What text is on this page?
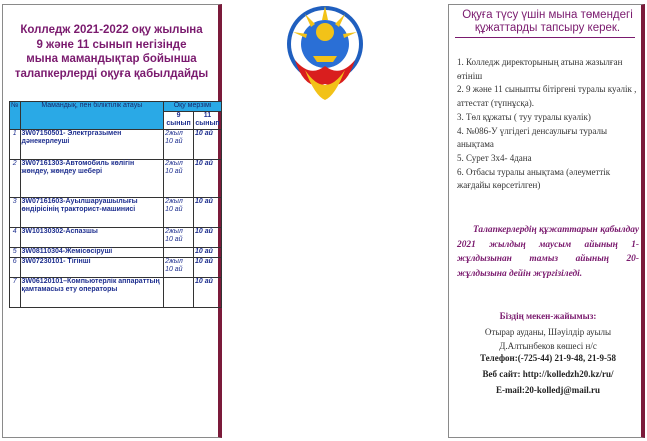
Колледж 2021-2022 оқу жылына
9 және 11 сынып негізінде
мына мамандықтар бойынша
талапкерлерді оқуға қабылдайды
№	Мамандық, пен біліктілік атауы	Оқу мерзімі	
		9 сынып	11 сынып
1	3W07150501- Электргазымен дәнекерлеуші	2жыл 10 ай	10 ай
2	3W07161303-Автомобиль көлігін жөндеу, жөндеу шебері	2жыл 10 ай	10 ай
3	3W07161603-Ауылшаруашылығы өндірісінің тракторист-машинисі	2жыл 10 ай	10 ай
4	3W10130302-Аспазшы	2жыл 10 ай	10 ай
5	3W08110304-Жемісөсіруші		10 ай
6	3W07230101- Тігінші	2жыл 10 ай	10 ай
7	3W06120101–Компьютерлік аппараттың қамтамасыз ету операторы		10 ай
Оқуға түсу үшін мына төмендегі құжаттарды тапсыру керек.
1. Колледж директорының атына жазылған өтініш
2. 9 және 11 сыныпты бітіргені туралы куәлік , аттестат (түпнұсқа).
3. Төл құжаты ( туу туралы куәлік)
4. №086-У үлгідегі денсаулығы туралы анықтама
5. Сурет 3х4- 4дана
6. Отбасы туралы анықтама (әлеуметтік жағдайы көрсетілген)
Талапкерлердің құжаттарын қабылдау 2021 жылдың маусым айының 1-жұлдызынан тамыз айының 20-жұлдызына дейін жүргізіледі.
Біздің мекен-жайымыз:
Отырар ауданы, Шәуілдір ауылы
Д.Алтынбеков көшесі н/с
Телефон:(-725-44) 21-9-48, 21-9-58
Веб сайт: http://kolledzh20.kz/ru/
E-mail:20-kolledj@mail.ru
